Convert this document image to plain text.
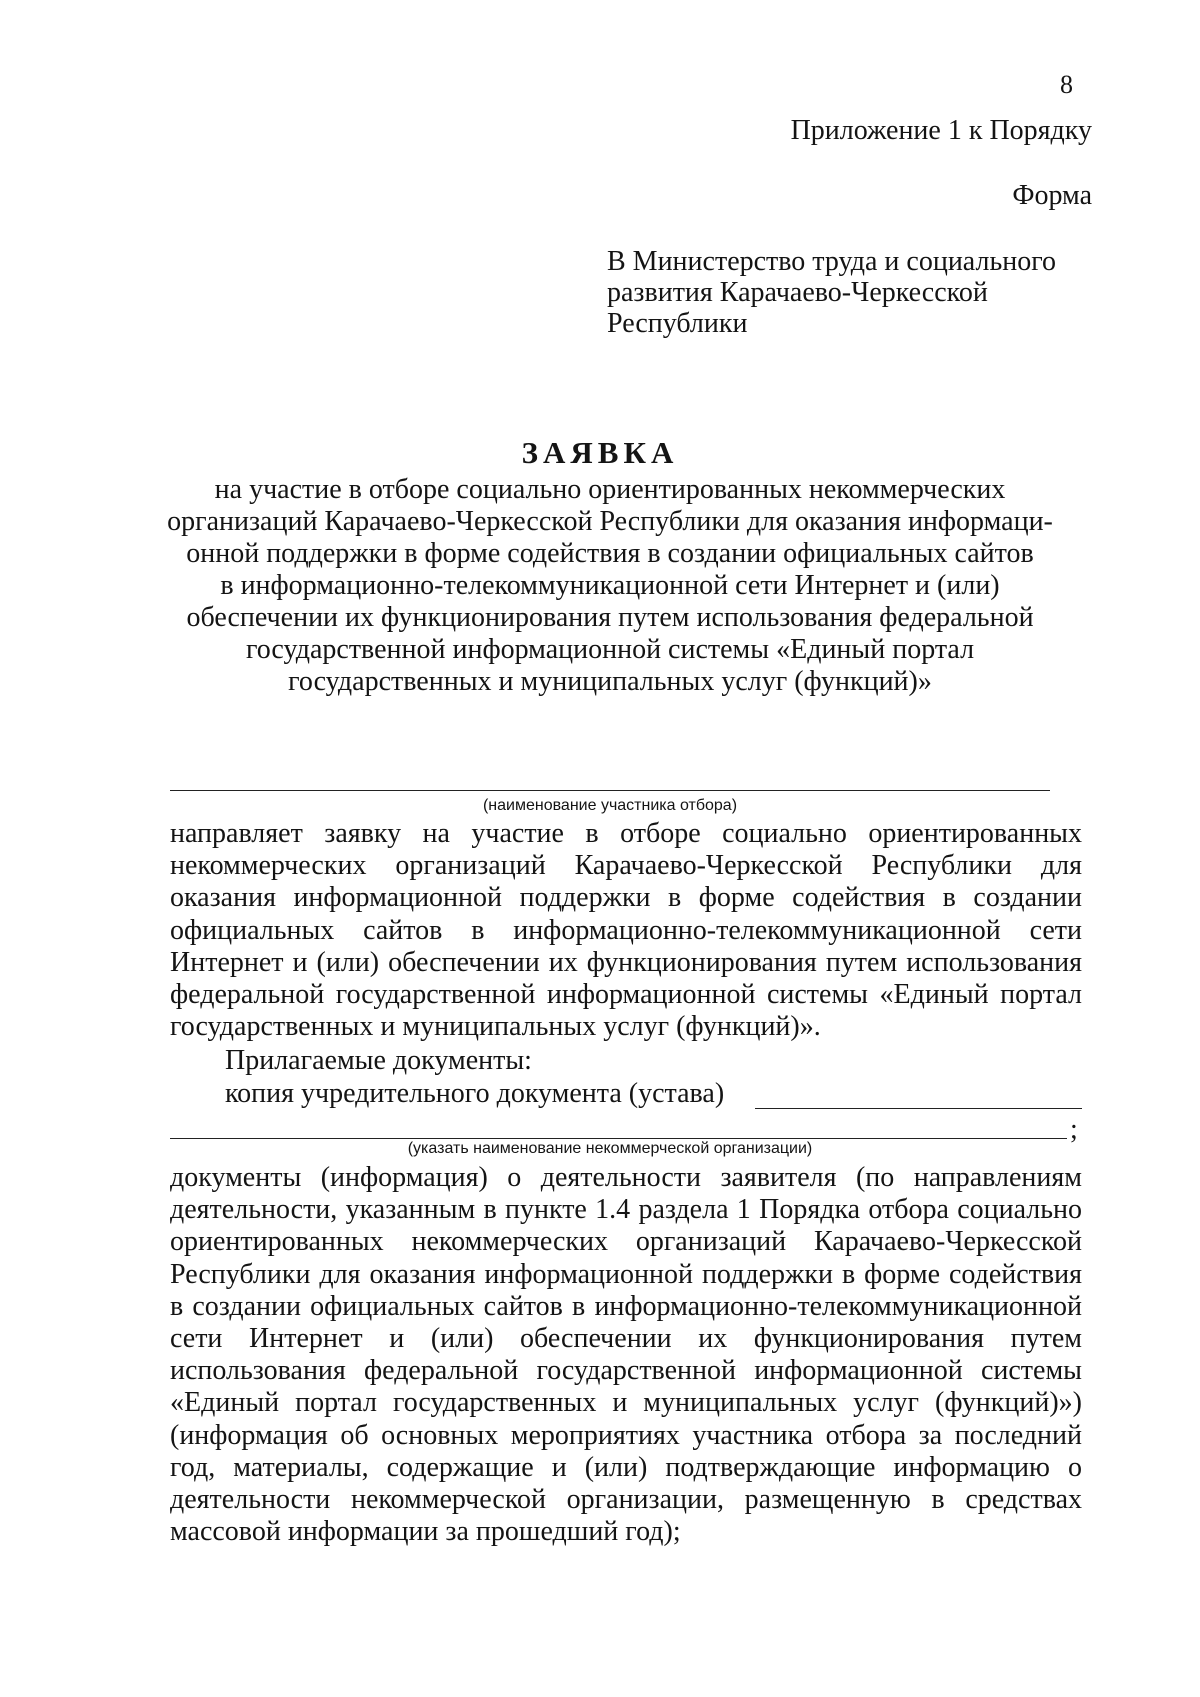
8
Приложение 1 к Порядку
Форма
В Министерство труда и социального
развития Карачаево-Черкесской
Республики
ЗАЯВКА
на участие в отборе социально ориентированных некоммерческих
организаций Карачаево-Черкесской Республики для оказания информаци-
онной поддержки в форме содействия в создании официальных сайтов
в информационно-телекоммуникационной сети Интернет и (или)
обеспечении их функционирования путем использования федеральной
государственной информационной системы «Единый портал
государственных и муниципальных услуг (функций)»
(наименование участника отбора)
направляет заявку на участие в отборе социально ориентированных некоммерческих организаций Карачаево-Черкесской Республики для оказания информационной поддержки в форме содействия в создании официальных сайтов в информационно-телекоммуникационной сети Интернет и (или) обеспечении их функционирования путем использования федеральной государственной информационной системы «Единый портал государственных и муниципальных услуг (функций)».
Прилагаемые документы:
копия учредительного документа (устава)
;
(указать наименование некоммерческой организации)
документы (информация) о деятельности заявителя (по направлениям деятельности, указанным в пункте 1.4 раздела 1 Порядка отбора социально ориентированных некоммерческих организаций Карачаево-Черкесской Республики для оказания информационной поддержки в форме содействия в создании официальных сайтов в информационно-телекоммуникационной сети Интернет и (или) обеспечении их функционирования путем использования федеральной государственной информационной системы «Единый портал государственных и муниципальных услуг (функций)») (информация об основных мероприятиях участника отбора за последний год, материалы, содержащие и (или) подтверждающие информацию о деятельности некоммерческой организации, размещенную в средствах массовой информации за прошедший год);
